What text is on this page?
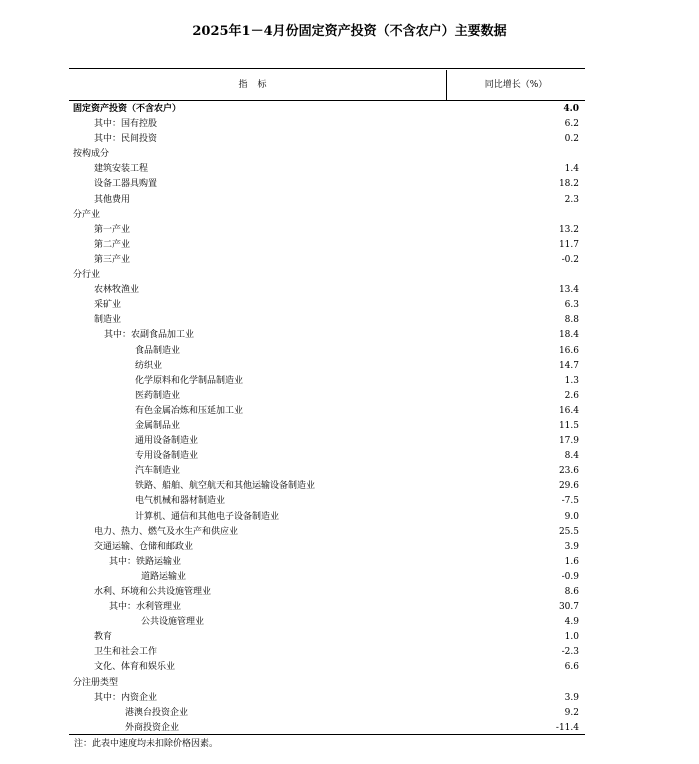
2025年1－4月份固定资产投资（不含农户）主要数据
指标	同比增长（%）
固定资产投资（不含农户）	4.0
其中：国有控股	6.2
其中：民间投资	0.2
按构成分
建筑安装工程	1.4
设备工器具购置	18.2
其他费用	2.3
分产业
第一产业	13.2
第二产业	11.7
第三产业	-0.2
分行业
农林牧渔业	13.4
采矿业	6.3
制造业	8.8
其中：农副食品加工业	18.4
食品制造业	16.6
纺织业	14.7
化学原料和化学制品制造业	1.3
医药制造业	2.6
有色金属冶炼和压延加工业	16.4
金属制品业	11.5
通用设备制造业	17.9
专用设备制造业	8.4
汽车制造业	23.6
铁路、船舶、航空航天和其他运输设备制造业	29.6
电气机械和器材制造业	-7.5
计算机、通信和其他电子设备制造业	9.0
电力、热力、燃气及水生产和供应业	25.5
交通运输、仓储和邮政业	3.9
其中：铁路运输业	1.6
道路运输业	-0.9
水利、环境和公共设施管理业	8.6
其中：水利管理业	30.7
公共设施管理业	4.9
教育	1.0
卫生和社会工作	-2.3
文化、体育和娱乐业	6.6
分注册类型
其中：内资企业	3.9
港澳台投资企业	9.2
外商投资企业	-11.4
注：此表中速度均未扣除价格因素。
